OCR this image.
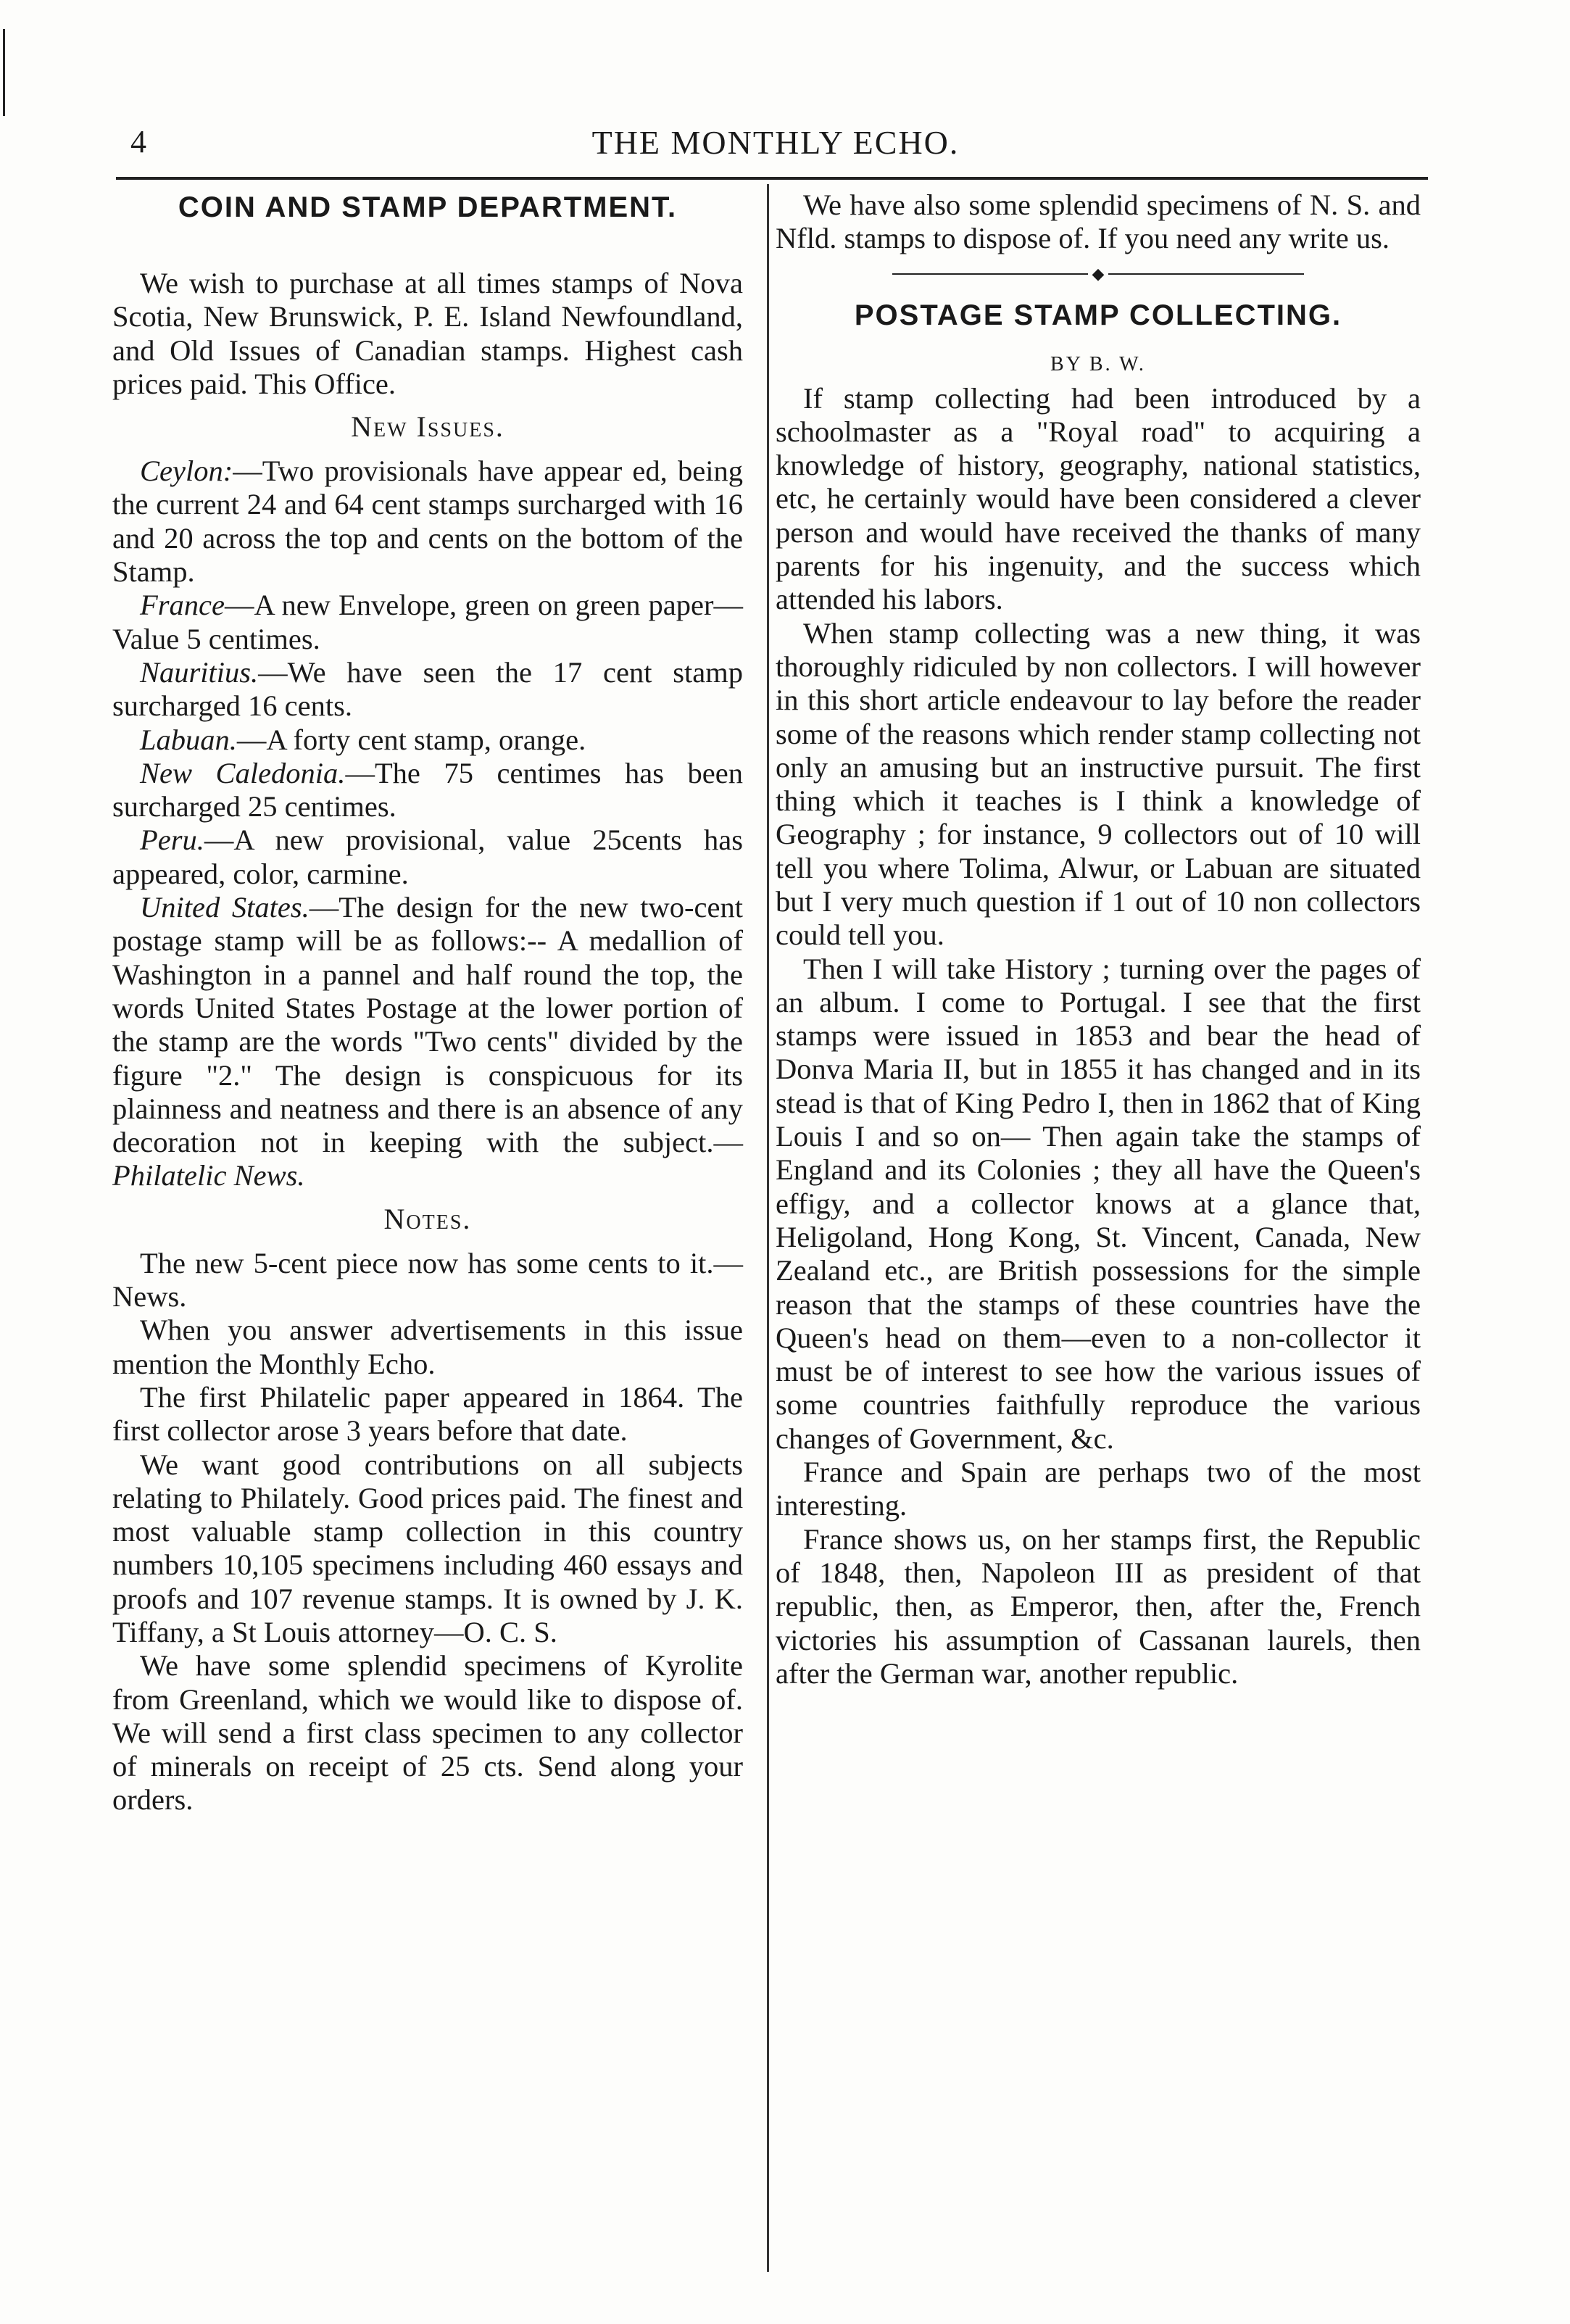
4	THE MONTHLY ECHO.
COIN AND STAMP DEPARTMENT.

We wish to purchase at all times stamps of Nova Scotia, New Brunswick, P. E. Island Newfoundland, and Old Issues of Canadian stamps. Highest cash prices paid. This Office.

New Issues.

Ceylon:—Two provisionals have appear ed, being the current 24 and 64 cent stamps surcharged with 16 and 20 across the top and cents on the bottom of the Stamp.

France—A new Envelope, green on green paper—Value 5 centimes.

Nauritius.—We have seen the 17 cent stamp surcharged 16 cents.

Labuan.—A forty cent stamp, orange.

New Caledonia.—The 75 centimes has been surcharged 25 centimes.

Peru.—A new provisional, value 25cents has appeared, color, carmine.

United States.—The design for the new two-cent postage stamp will be as follows:-- A medallion of Washington in a pannel and half round the top, the words United States Postage at the lower portion of the stamp are the words "Two cents" divided by the figure "2." The design is conspicuous for its plainness and neatness and there is an absence of any decoration not in keeping with the subject.—Philatelic News.

Notes.

The new 5-cent piece now has some cents to it.—News.

When you answer advertisements in this issue mention the Monthly Echo.

The first Philatelic paper appeared in 1864. The first collector arose 3 years before that date.

We want good contributions on all subjects relating to Philately. Good prices paid. The finest and most valuable stamp collection in this country numbers 10,105 specimens including 460 essays and proofs and 107 revenue stamps. It is owned by J. K. Tiffany, a St Louis attorney—O. C. S.

We have some splendid specimens of Kyrolite from Greenland, which we would like to dispose of. We will send a first class specimen to any collector of minerals on receipt of 25 cts. Send along your orders.

We have also some splendid specimens of N. S. and Nfld. stamps to dispose of. If you need any write us.

◆
POSTAGE STAMP COLLECTING.
BY B. W.

If stamp collecting had been introduced by a schoolmaster as a "Royal road" to acquiring a knowledge of history, geography, national statistics, etc, he certainly would have been considered a clever person and would have received the thanks of many parents for his ingenuity, and the success which attended his labors.

When stamp collecting was a new thing, it was thoroughly ridiculed by non collectors. I will however in this short article endeavour to lay before the reader some of the reasons which render stamp collecting not only an amusing but an instructive pursuit. The first thing which it teaches is I think a knowledge of Geography ; for instance, 9 collectors out of 10 will tell you where Tolima, Alwur, or Labuan are situated but I very much question if 1 out of 10 non collectors could tell you.

Then I will take History ; turning over the pages of an album. I come to Portugal. I see that the first stamps were issued in 1853 and bear the head of Donva Maria II, but in 1855 it has changed and in its stead is that of King Pedro I, then in 1862 that of King Louis I and so on— Then again take the stamps of England and its Colonies ; they all have the Queen's effigy, and a collector knows at a glance that, Heligoland, Hong Kong, St. Vincent, Canada, New Zealand etc., are British possessions for the simple reason that the stamps of these countries have the Queen's head on them—even to a non-collector it must be of interest to see how the various issues of some countries faithfully reproduce the various changes of Government, &c.

France and Spain are perhaps two of the most interesting.

France shows us, on her stamps first, the Republic of 1848, then, Napoleon III as president of that republic, then, as Emperor, then, after the, French victories his assumption of Cassanan laurels, then after the German war, another republic.
